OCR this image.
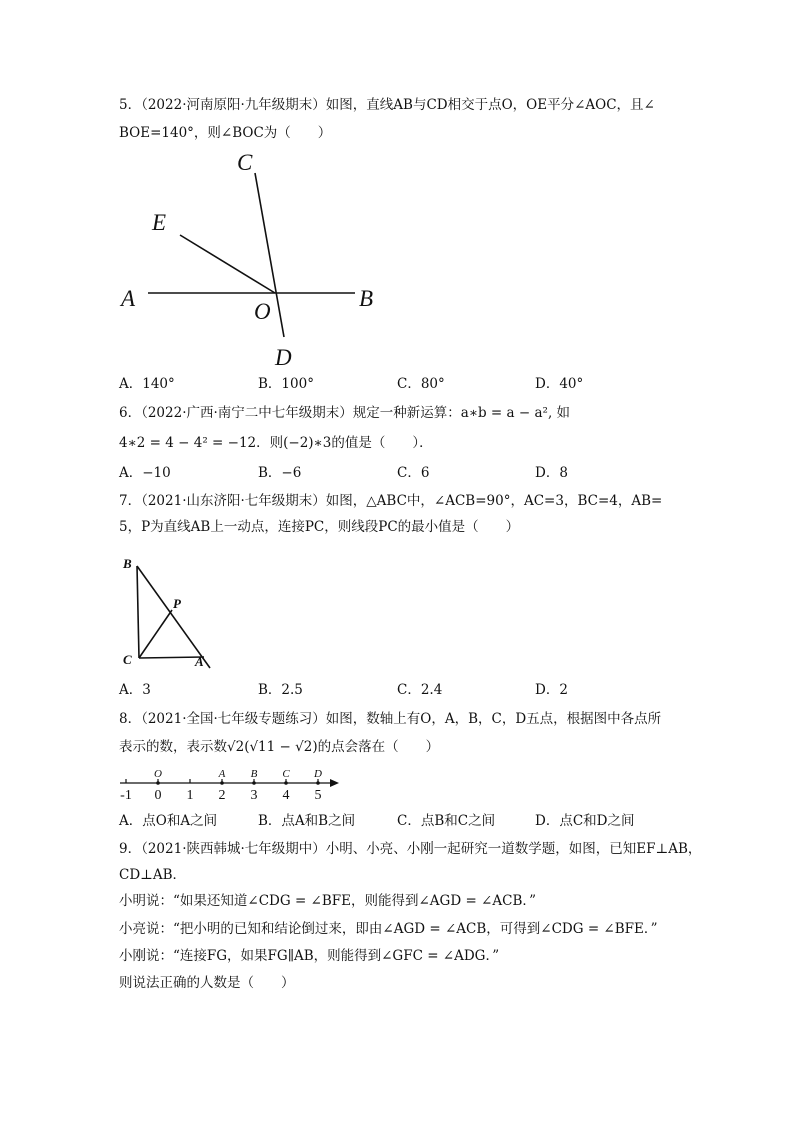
5．（2022·河南原阳·九年级期末）如图，直线AB与CD相交于点O，OE平分∠AOC，且∠
BOE=140°，则∠BOC为（　　）
C
E
A
O
B
D
A．140°	B．100°	C．80°	D．40°
6．（2022·广西·南宁二中七年级期末）规定一种新运算：a∗b = a − a², 如
4∗2 = 4 − 4² = −12．则(−2)∗3的值是（　　）．
A．−10	B．−6	C．6	D．8
7．（2021·山东济阳·七年级期末）如图，△ABC中，∠ACB=90°，AC=3，BC=4，AB=
5，P为直线AB上一动点，连接PC，则线段PC的最小值是（　　）
B
P
C	A
A．3	B．2.5	C．2.4	D．2
8．（2021·全国·七年级专题练习）如图，数轴上有O，A，B，C，D五点，根据图中各点所
表示的数，表示数√2(√11 − √2)的点会落在（　　）
-1 0 1 2 3 4 5
O	A B C D
A．点O和A之间	B．点A和B之间	C．点B和C之间	D．点C和D之间
9．（2021·陕西韩城·七年级期中）小明、小亮、小刚一起研究一道数学题，如图，已知EF⊥AB，
CD⊥AB．
小明说：“如果还知道∠CDG = ∠BFE，则能得到∠AGD = ∠ACB．”
小亮说：“把小明的已知和结论倒过来，即由∠AGD = ∠ACB，可得到∠CDG = ∠BFE．”
小刚说：“连接FG，如果FG∥AB，则能得到∠GFC = ∠ADG．”
则说法正确的人数是（　　）
